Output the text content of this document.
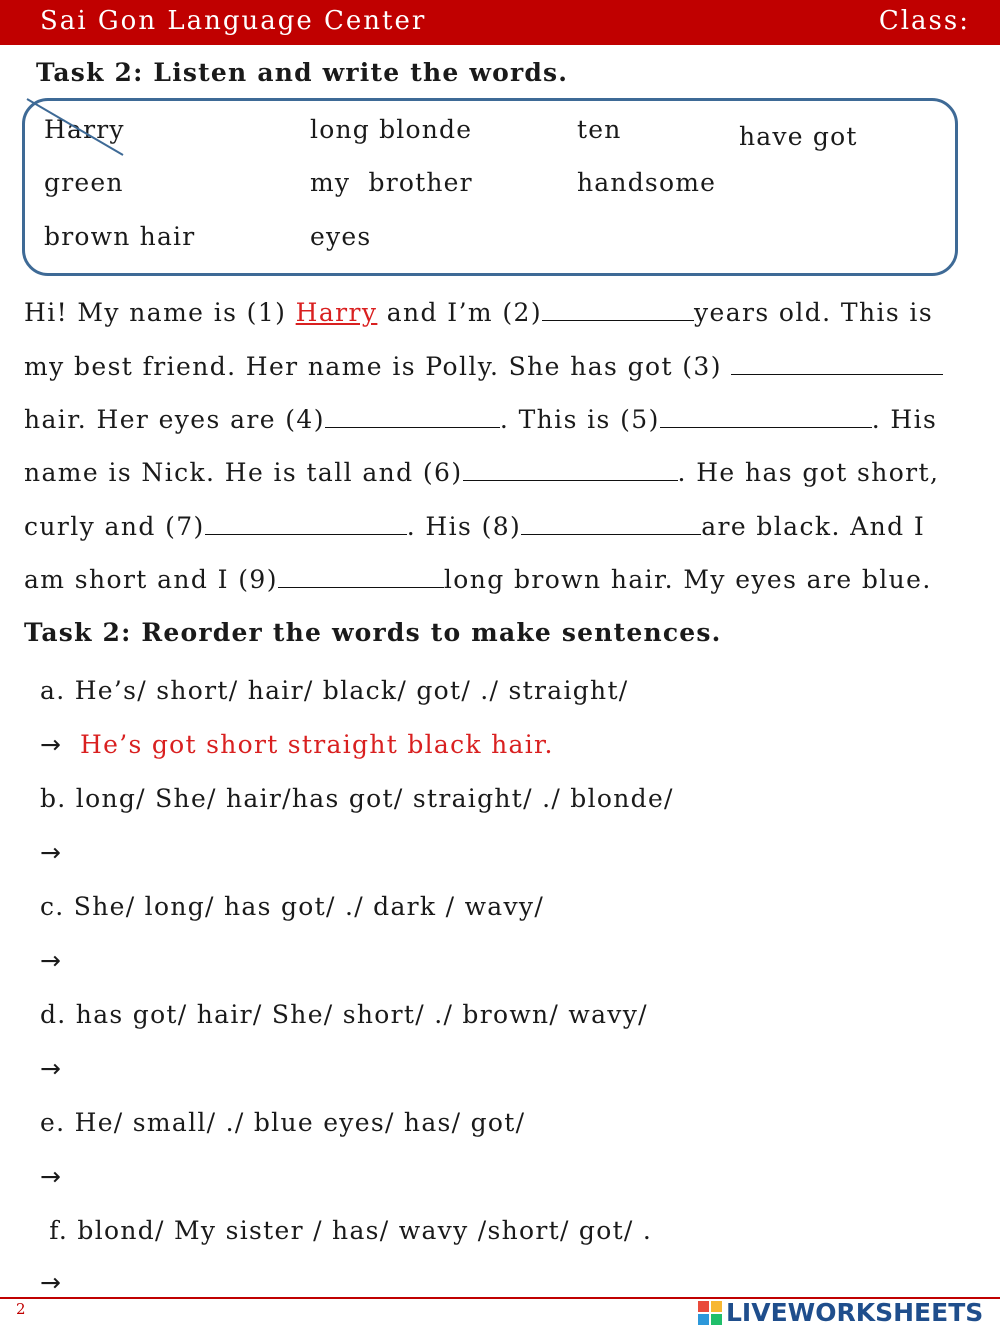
Sai Gon Language Center	Class:
Task 2: Listen and write the words.
Harry	long blonde	ten	have got
green	my  brother	handsome
brown hair	eyes
Hi! My name is (1) Harry and I’m (2)	years old. This is
my best friend. Her name is Polly. She has got (3)
hair. Her eyes are (4)	. This is (5)	. His
name is Nick. He is tall and (6)	. He has got short,
curly and (7)	. His (8)	are black. And I
am short and I (9)	long brown hair. My eyes are blue.
Task 2: Reorder the words to make sentences.
a. He’s/ short/ hair/ black/ got/ ./ straight/
→ He’s got short straight black hair.
b. long/ She/ hair/has got/ straight/ ./ blonde/
→
c. She/ long/ has got/ ./ dark / wavy/
→
d. has got/ hair/ She/ short/ ./ brown/ wavy/
→
e. He/ small/ ./ blue eyes/ has/ got/
→
f. blond/ My sister / has/ wavy /short/ got/ .
→
2	LIVEWORKSHEETS
